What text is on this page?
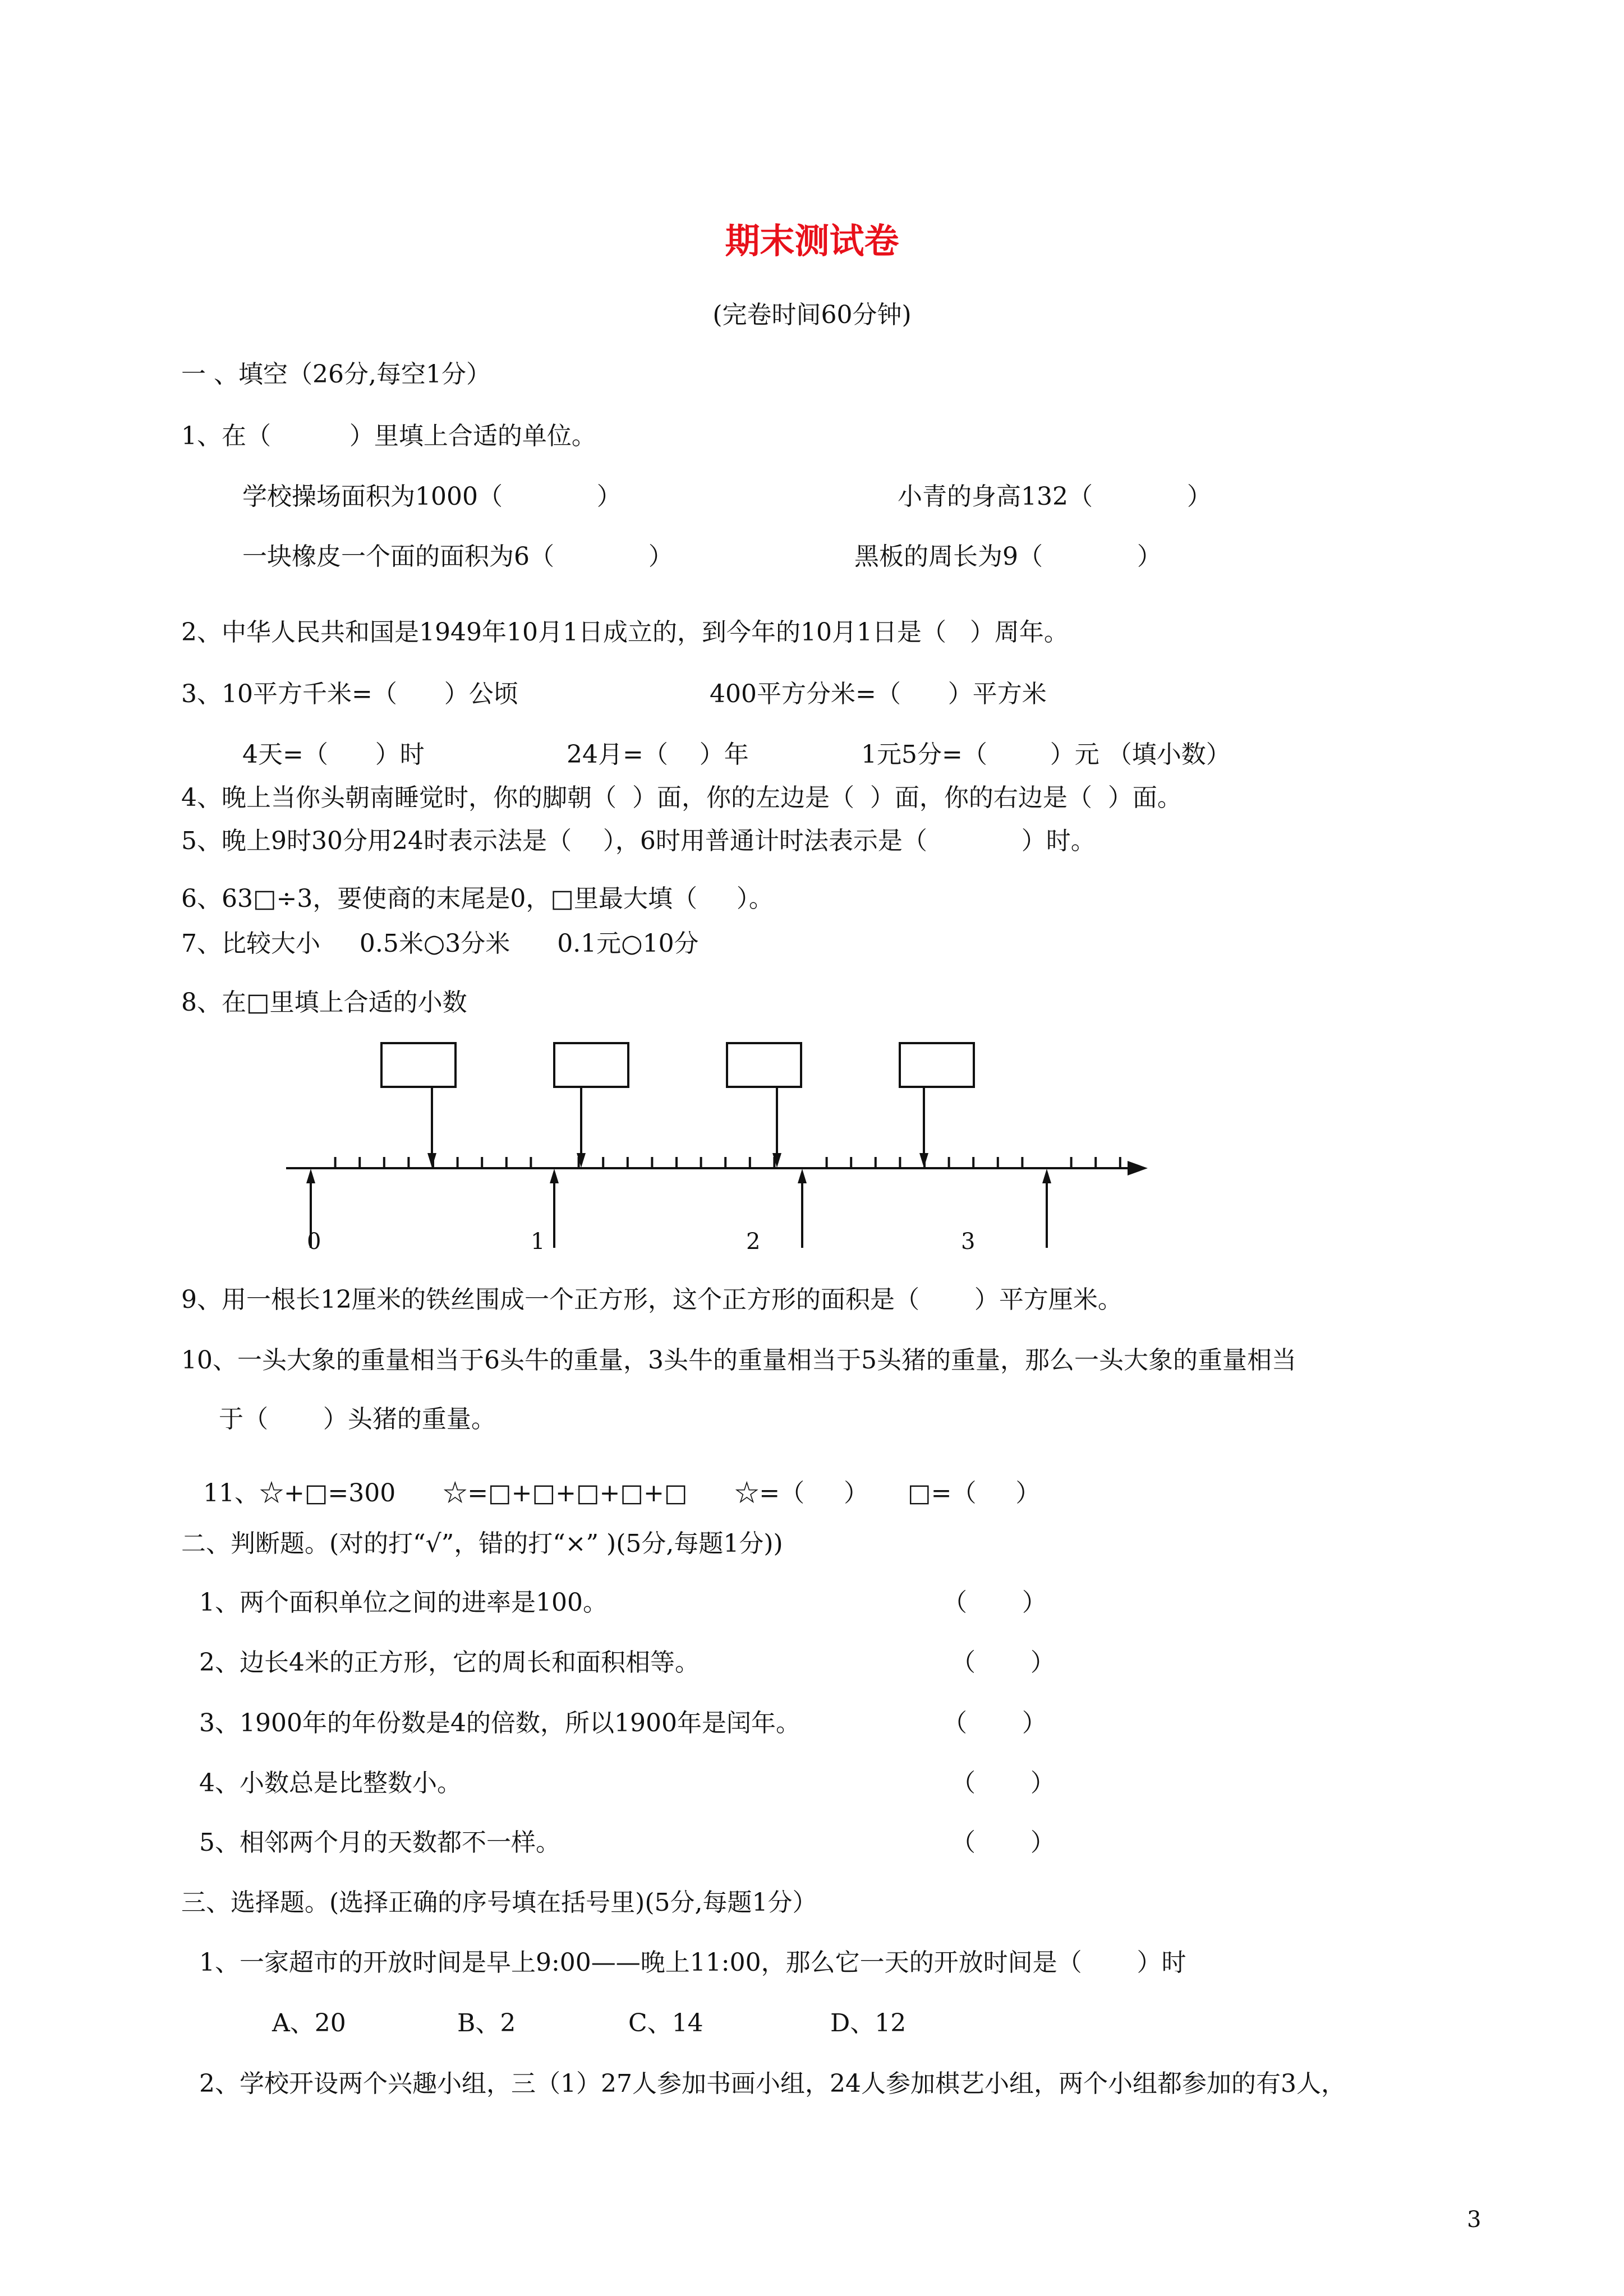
期末测试卷
(完卷时间60分钟)
一 、填空（26分,每空1分）
1、在（          ）里填上合适的单位。
学校操场面积为1000（            ）	小青的身高132（            ）
一块橡皮一个面的面积为6（            ）	黑板的周长为9（            ）
2、中华人民共和国是1949年10月1日成立的，到今年的10月1日是（   ）周年。
3、10平方千米=（      ）公顷	400平方分米=（      ）平方米
4天=（      ）时	24月=（    ）年	1元5分=（        ）元 （填小数）
4、晚上当你头朝南睡觉时，你的脚朝（  ）面，你的左边是（  ）面，你的右边是（  ）面。
5、晚上9时30分用24时表示法是（    ），6时用普通计时法表示是（            ）时。
6、63□÷3，要使商的末尾是0，□里最大填（     ）。
7、比较大小     0.5米○3分米      0.1元○10分
8、在□里填上合适的小数
0	1	2	3
9、用一根长12厘米的铁丝围成一个正方形，这个正方形的面积是（       ）平方厘米。
10、一头大象的重量相当于6头牛的重量，3头牛的重量相当于5头猪的重量，那么一头大象的重量相当
于（       ）头猪的重量。
11、☆+□=300      ☆=□+□+□+□+□      ☆=（     ）     □=（     ）
二、判断题。(对的打“√”，错的打“×” )(5分,每题1分))
1、两个面积单位之间的进率是100。	（       ）
2、边长4米的正方形，它的周长和面积相等。	（       ）
3、1900年的年份数是4的倍数，所以1900年是闰年。	（       ）
4、小数总是比整数小。	（       ）
5、相邻两个月的天数都不一样。	（       ）
三、选择题。(选择正确的序号填在括号里)(5分,每题1分）
1、一家超市的开放时间是早上9:00——晚上11:00，那么它一天的开放时间是（       ）时
A、20	B、2	C、14	D、12
2、学校开设两个兴趣小组，三（1）27人参加书画小组，24人参加棋艺小组，两个小组都参加的有3人，
3
